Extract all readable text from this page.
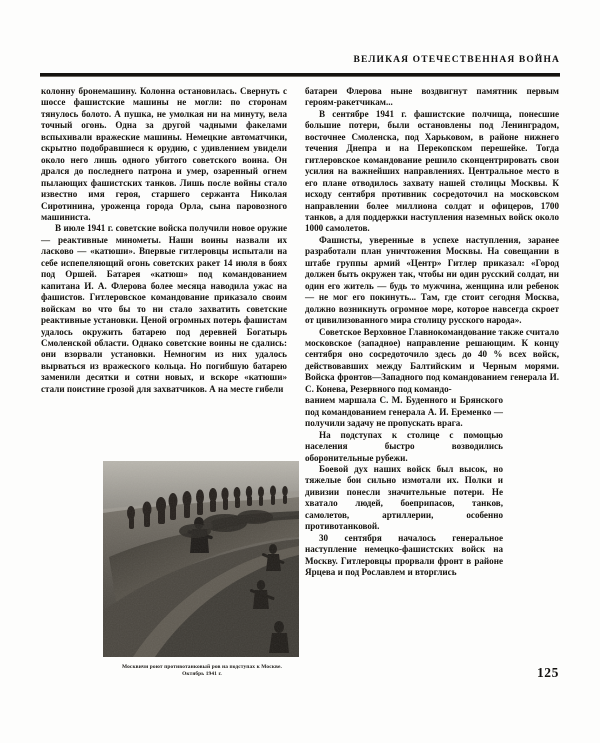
ВЕЛИКАЯ ОТЕЧЕСТВЕННАЯ ВОЙНА

колонну бронемашину. Колонна остановилась. Свернуть с шоссе фашистские машины не могли: по сторонам тянулось болото. А пушка, не умолкая ни на минуту, вела точный огонь. Одна за другой чадными факелами вспыхивали вражеские машины. Немецкие автоматчики, скрытно подобравшиеся к орудию, с удивлением увидели около него лишь одного убитого советского воина. Он дрался до последнего патрона и умер, озаренный огнем пылающих фашистских танков. Лишь после войны стало известно имя героя, старшего сержанта Николая Сиротинина, уроженца города Орла, сына паровозного машиниста.

В июле 1941 г. советские войска получили новое оружие — реактивные минометы. Наши воины назвали их ласково — «катюши». Впервые гитлеровцы испытали на себе испепеляющий огонь советских ракет 14 июля в боях под Оршей. Батарея «катюш» под командованием капитана И. А. Флерова более месяца наводила ужас на фашистов. Гитлеровское командование приказало своим войскам во что бы то ни стало захватить советские реактивные установки. Ценой огромных потерь фашистам удалось окружить батарею под деревней Богатырь Смоленской области. Однако советские воины не сдались: они взорвали установки. Немногим из них удалось вырваться из вражеского кольца. Но погибшую батарею заменили десятки и сотни новых, и вскоре «катюши» стали поистине грозой для захватчиков. А на месте гибели

батареи Флерова ныне воздвигнут памятник первым героям-ракетчикам...

В сентябре 1941 г. фашистские полчища, понесшие большие потери, были остановлены под Ленинградом, восточнее Смоленска, под Харьковом, в районе нижнего течения Днепра и на Перекопском перешейке. Тогда гитлеровское командование решило сконцентрировать свои усилия на важнейших направлениях. Центральное место в его плане отводилось захвату нашей столицы Москвы. К исходу сентября противник сосредоточил на московском направлении более миллиона солдат и офицеров, 1700 танков, а для поддержки наступления наземных войск около 1000 самолетов.

Фашисты, уверенные в успехе наступления, заранее разработали план уничтожения Москвы. На совещании в штабе группы армий «Центр» Гитлер приказал: «Город должен быть окружен так, чтобы ни один русский солдат, ни один его житель — будь то мужчина, женщина или ребенок — не мог его покинуть... Там, где стоит сегодня Москва, должно возникнуть огромное море, которое навсегда скроет от цивилизованного мира столицу русского народа».

Советское Верховное Главнокомандование также считало московское (западное) направление решающим. К концу сентября оно сосредоточило здесь до 40 % всех войск, действовавших между Балтийским и Черным морями. Войска фронтов—Западного под командованием генерала И. С. Конева, Резервного под командо-

ванием маршала С. М. Буденного и Брянского под командованием генерала А. И. Еременко — получили задачу не пропускать врага.

На подступах к столице с помощью населения быстро возводились оборонительные рубежи.

Боевой дух наших войск был высок, но тяжелые бои сильно измотали их. Полки и дивизии понесли значительные потери. Не хватало людей, боеприпасов, танков, самолетов, артиллерии, особенно противотанковой.

30 сентября началось генеральное наступление немецко-фашистских войск на Москву. Гитлеровцы прорвали фронт в районе Ярцева и под Рославлем и вторглись

Москвичи роют противотанковый ров на подступах к Москве.
Октябрь 1941 г.	125
